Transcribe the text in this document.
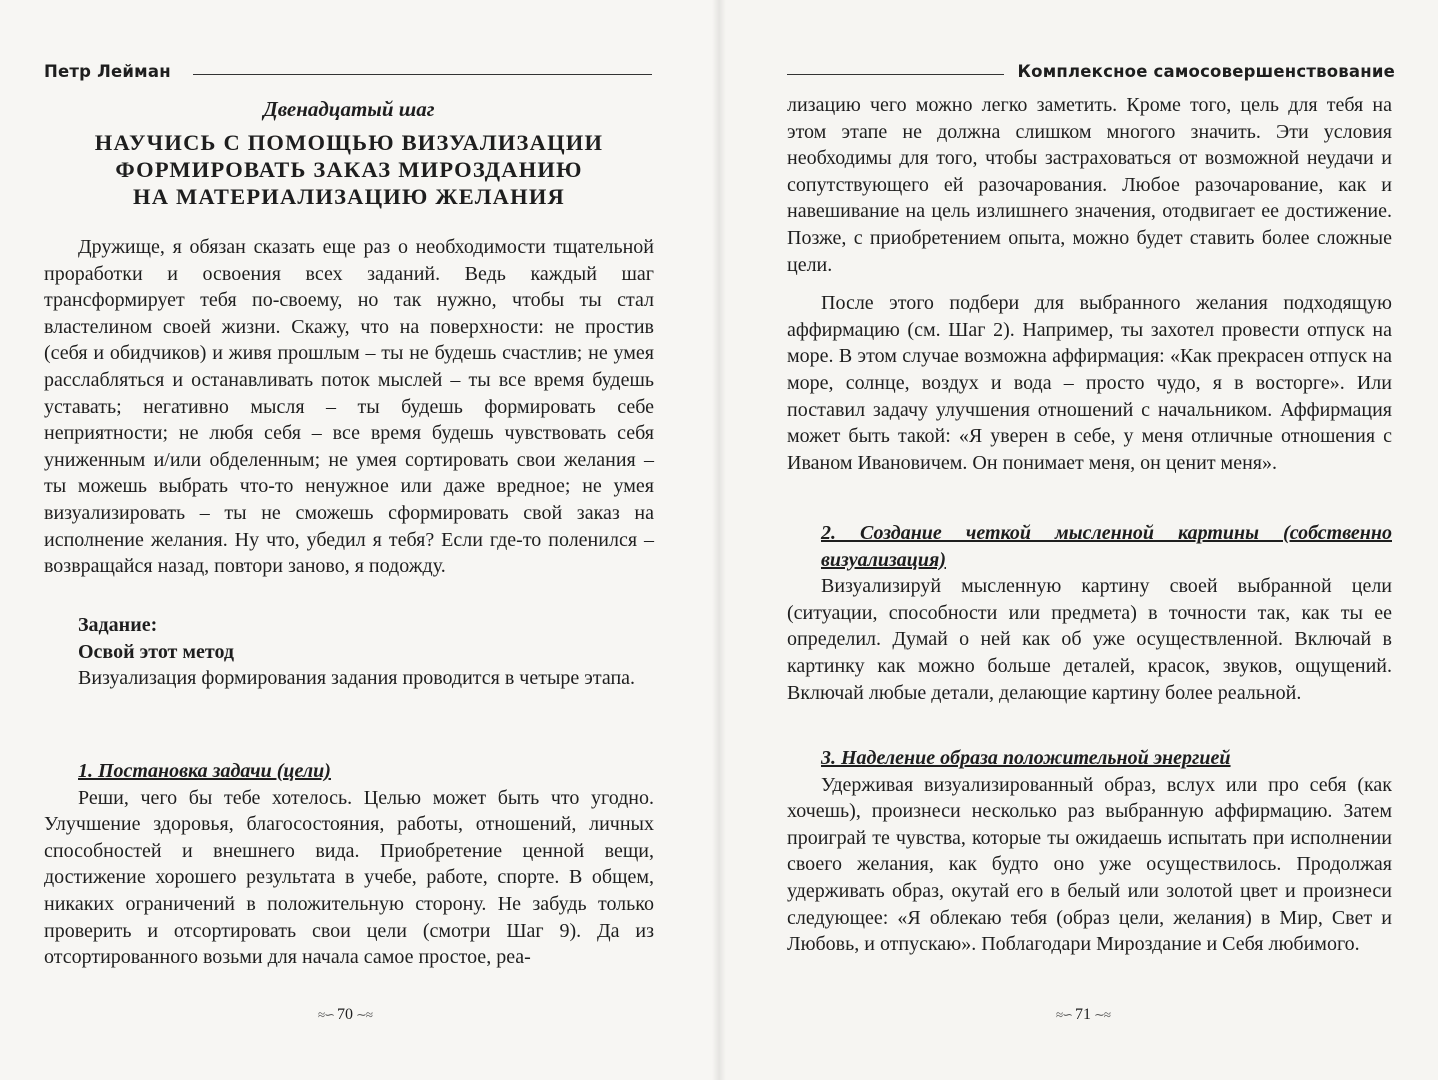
Петр Лейман

Двенадцатый шаг

НАУЧИСЬ С ПОМОЩЬЮ ВИЗУАЛИЗАЦИИ
ФОРМИРОВАТЬ ЗАКАЗ МИРОЗДАНИЮ
НА МАТЕРИАЛИЗАЦИЮ ЖЕЛАНИЯ

Дружище, я обязан сказать еще раз о необходимости тщательной проработки и освоения всех заданий. Ведь каждый шаг трансформирует тебя по-своему, но так нужно, чтобы ты стал властелином своей жизни. Скажу, что на поверхности: не простив (себя и обидчиков) и живя прошлым – ты не будешь счастлив; не умея расслабляться и останавливать поток мыслей – ты все время будешь уставать; негативно мысля – ты будешь формировать себе неприятности; не любя себя – все время будешь чувствовать себя униженным и/или обделенным; не умея сортировать свои желания – ты можешь выбрать что-то ненужное или даже вредное; не умея визуализировать – ты не сможешь сформировать свой заказ на исполнение желания. Ну что, убедил я тебя? Если где-то поленился – возвращайся назад, повтори заново, я подожду.

Задание:

Освой этот метод

Визуализация формирования задания проводится в четыре этапа.

1. Постановка задачи (цели)

Реши, чего бы тебе хотелось. Целью может быть что угодно. Улучшение здоровья, благосостояния, работы, отношений, личных способностей и внешнего вида. Приобретение ценной вещи, достижение хорошего результата в учебе, работе, спорте. В общем, никаких ограничений в положительную сторону. Не забудь только проверить и отсортировать свои цели (смотри Шаг 9). Да из отсортированного возьми для начала самое простое, реа-

≈∽ 70 ∼≈
Комплексное самосовершенствование

лизацию чего можно легко заметить. Кроме того, цель для тебя на этом этапе не должна слишком многого значить. Эти условия необходимы для того, чтобы застраховаться от возможной неудачи и сопутствующего ей разочарования. Любое разочарование, как и навешивание на цель излишнего значения, отодвигает ее достижение. Позже, с приобретением опыта, можно будет ставить более сложные цели.

После этого подбери для выбранного желания подходящую аффирмацию (см. Шаг 2). Например, ты захотел провести отпуск на море. В этом случае возможна аффирмация: «Как прекрасен отпуск на море, солнце, воздух и вода – просто чудо, я в восторге». Или поставил задачу улучшения отношений с начальником. Аффирмация может быть такой: «Я уверен в себе, у меня отличные отношения с Иваном Ивановичем. Он понимает меня, он ценит меня».

2. Создание четкой мысленной картины (собственно визуализация)

Визуализируй мысленную картину своей выбранной цели (ситуации, способности или предмета) в точности так, как ты ее определил. Думай о ней как об уже осуществленной. Включай в картинку как можно больше деталей, красок, звуков, ощущений. Включай любые детали, делающие картину более реальной.

3. Наделение образа положительной энергией

Удерживая визуализированный образ, вслух или про себя (как хочешь), произнеси несколько раз выбранную аффирмацию. Затем проиграй те чувства, которые ты ожидаешь испытать при исполнении своего желания, как будто оно уже осуществилось. Продолжая удерживать образ, окутай его в белый или золотой цвет и произнеси следующее: «Я облекаю тебя (образ цели, желания) в Мир, Свет и Любовь, и отпускаю». Поблагодари Мироздание и Себя любимого.

≈∽ 71 ∼≈
